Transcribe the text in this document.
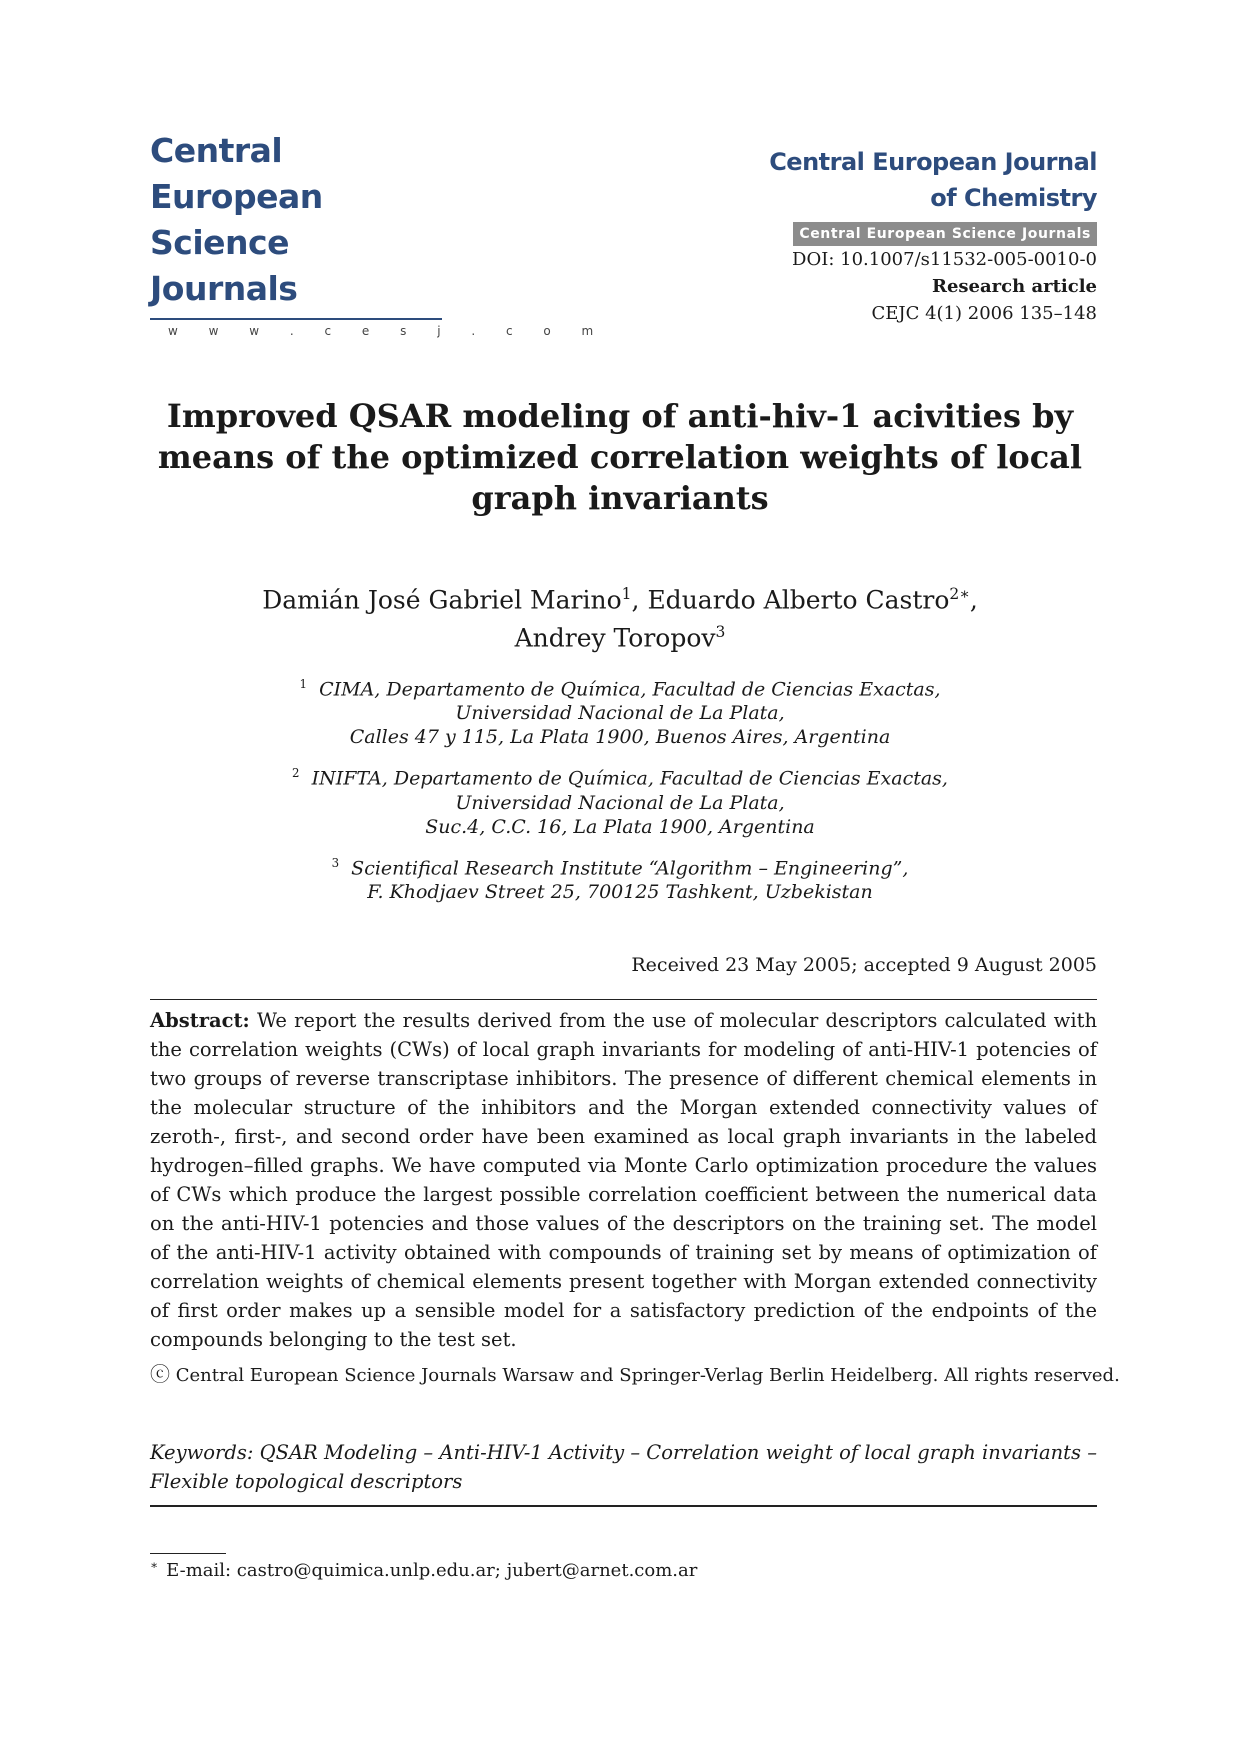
Central European
Science Journals
w w w . c e s j . c o m
Central European Journal
of Chemistry
Central European Science Journals
DOI: 10.1007/s11532-005-0010-0
Research article
CEJC 4(1) 2006 135–148
Improved QSAR modeling of anti-hiv-1 acivities by
means of the optimized correlation weights of local
graph invariants
Damián José Gabriel Marino$^1$, Eduardo Alberto Castro$^{2∗}$,
Andrey Toropov$^3$
$^1$ CIMA, Departamento de Química, Facultad de Ciencias Exactas,
Universidad Nacional de La Plata,
Calles 47 y 115, La Plata 1900, Buenos Aires, Argentina
$^2$ INIFTA, Departamento de Química, Facultad de Ciencias Exactas,
Universidad Nacional de La Plata,
Suc.4, C.C. 16, La Plata 1900, Argentina
$^3$ Scientifical Research Institute “Algorithm – Engineering”,
F. Khodjaev Street 25, 700125 Tashkent, Uzbekistan
Received 23 May 2005; accepted 9 August 2005
Abstract: We report the results derived from the use of molecular descriptors calculated with the correlation weights (CWs) of local graph invariants for modeling of anti-HIV-1 potencies of two groups of reverse transcriptase inhibitors. The presence of different chemical elements in the molecular structure of the inhibitors and the Morgan extended connectivity values of zeroth-, first-, and second order have been examined as local graph invariants in the labeled hydrogen–filled graphs. We have computed via Monte Carlo optimization procedure the values of CWs which produce the largest possible correlation coefficient between the numerical data on the anti-HIV-1 potencies and those values of the descriptors on the training set. The model of the anti-HIV-1 activity obtained with compounds of training set by means of optimization of correlation weights of chemical elements present together with Morgan extended connectivity of first order makes up a sensible model for a satisfactory prediction of the endpoints of the compounds belonging to the test set.
ⓒ Central European Science Journals Warsaw and Springer-Verlag Berlin Heidelberg. All rights reserved.
Keywords: QSAR Modeling – Anti-HIV-1 Activity – Correlation weight of local graph invariants – Flexible topological descriptors
∗ E-mail: castro@quimica.unlp.edu.ar; jubert@arnet.com.ar
